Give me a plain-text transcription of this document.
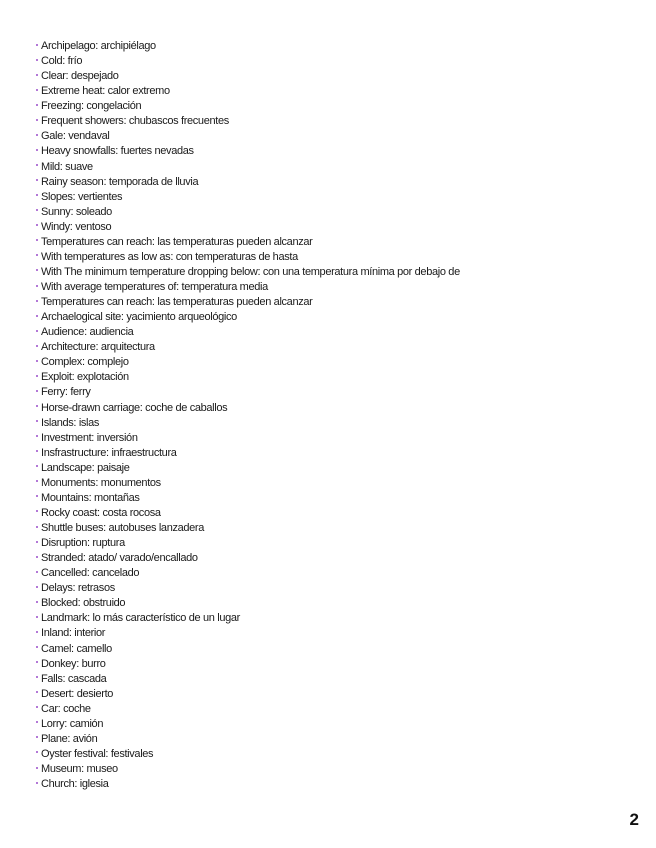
Archipelago: archipiélago
Cold: frío
Clear: despejado
Extreme heat: calor extremo
Freezing: congelación
Frequent showers: chubascos frecuentes
Gale: vendaval
Heavy snowfalls: fuertes nevadas
Mild: suave
Rainy season: temporada de lluvia
Slopes: vertientes
Sunny: soleado
Windy: ventoso
Temperatures can reach: las temperaturas pueden alcanzar
With temperatures as low as: con temperaturas de hasta
With The minimum temperature dropping below: con una temperatura mínima por debajo de
With average temperatures of: temperatura media
Temperatures can reach: las temperaturas pueden alcanzar
Archaelogical site: yacimiento arqueológico
Audience: audiencia
Architecture: arquitectura
Complex: complejo
Exploit: explotación
Ferry: ferry
Horse-drawn carriage: coche de caballos
Islands: islas
Investment: inversión
Insfrastructure: infraestructura
Landscape: paisaje
Monuments: monumentos
Mountains: montañas
Rocky coast: costa rocosa
Shuttle buses: autobuses lanzadera
Disruption: ruptura
Stranded: atado/ varado/encallado
Cancelled: cancelado
Delays: retrasos
Blocked: obstruido
Landmark: lo más característico de un lugar
Inland: interior
Camel: camello
Donkey: burro
Falls: cascada
Desert: desierto
Car: coche
Lorry: camión
Plane: avión
Oyster festival: festivales
Museum: museo
Church: iglesia
2
